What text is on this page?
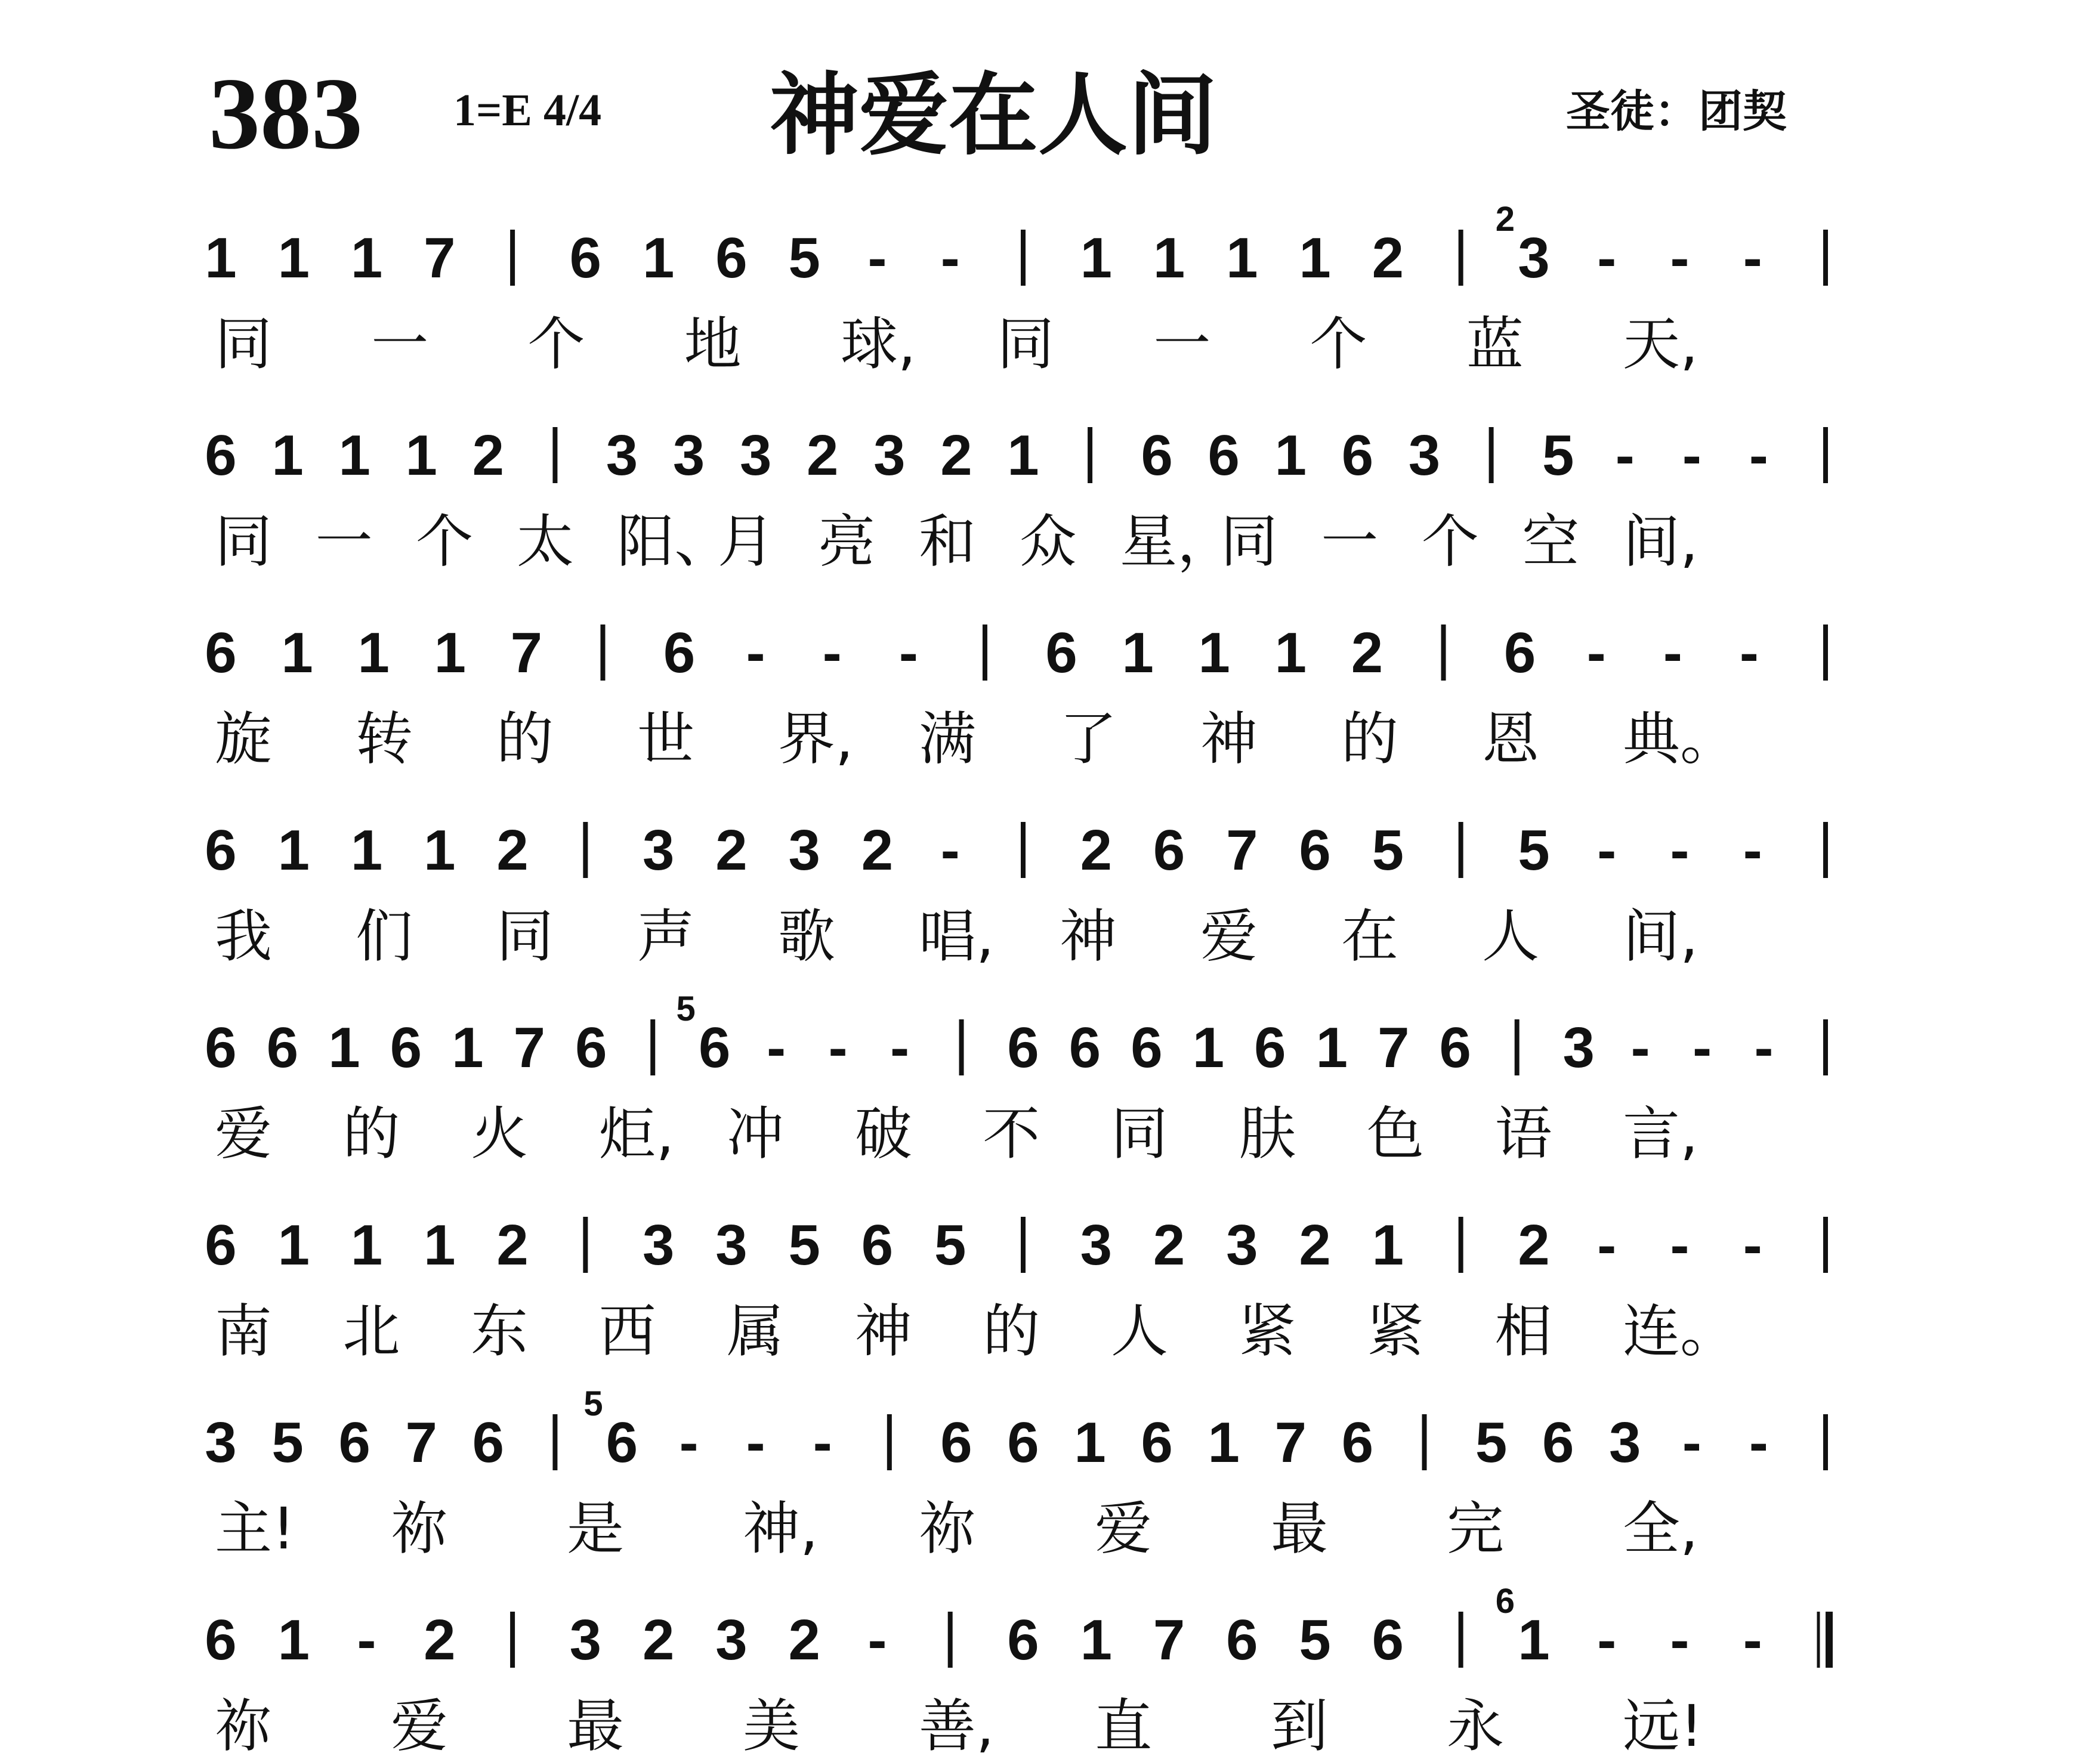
383 1=E 4/4 神爱在人间	圣徒：团契
1 1 1 7 6 1 6 5 - - 1 1 1 1 2 3
2
- - -
同 一 个 地 球, 同 一 个 蓝 天,
6 1 1 1 2 3 3 3 2 3 2 1 6 6 1 6 3 5 - - -
同 一 个 太 阳、
月 亮 和 众 星，
同 一 个 空 间,
6 1 1 1 7 6 - - - 6 1 1 1 2 6 - - -
旋 转 的 世 界, 满 了 神 的 恩 典。
6 1 1 1 2 3 2 3 2 - 2 6 7 6 5 5 - - -
我 们 同 声 歌 唱, 神 爱 在 人 间,
6 6 1 6 1 7 6 6
5
- - - 6 6 6 1 6 1 7 6 3 - - -
爱 的 火 炬, 冲 破 不 同 肤 色 语 言,
6 1 1 1 2 3 3 5 6 5 3 2 3 2 1 2 - - -
南 北 东 西 属 神 的 人 紧 紧 相 连。
3 5 6 7 6 6
5
- - - 6 6 1 6 1 7 6 5 6 3 - -
主! 祢 是 神, 祢 爱 最 完 全,
6 1 - 2 3 2 3 2 - 6 1 7 6 5 6 1
6
- - -
祢 爱 最 美 善, 直 到 永 远!
